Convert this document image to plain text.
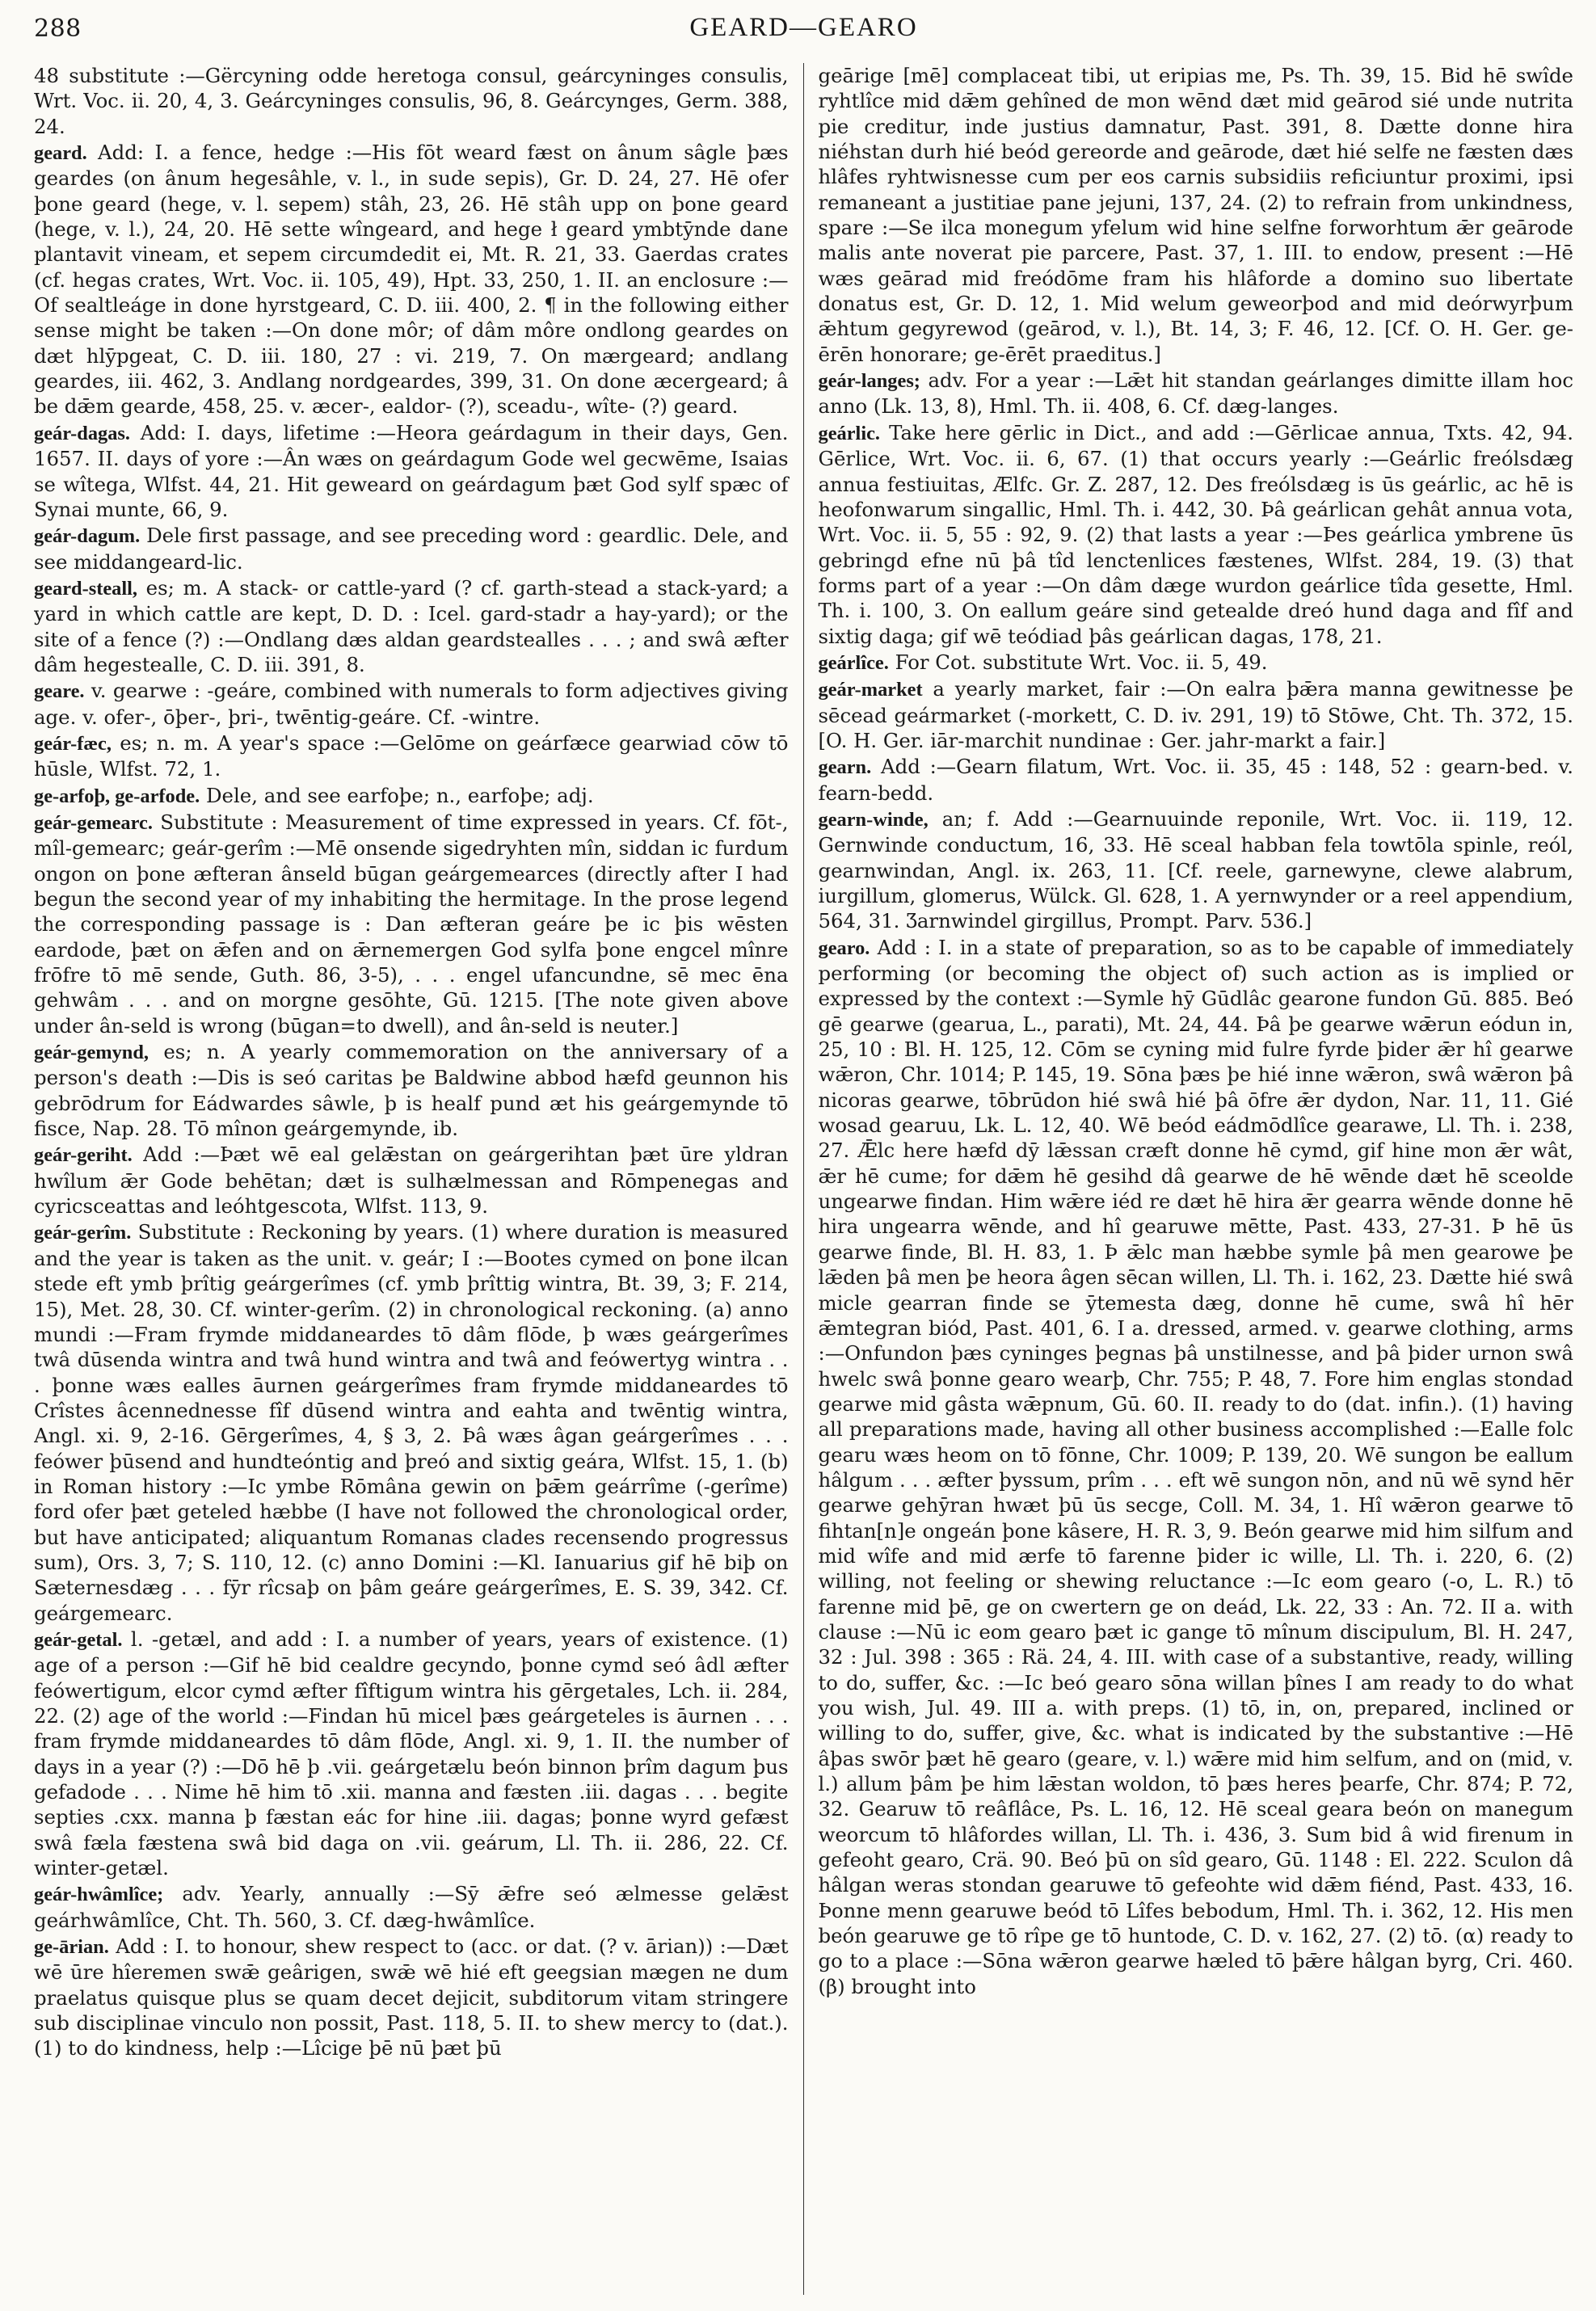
288	GEARD—GEARO

48 substitute :—Gërcyning odde heretoga consul, geárcyninges consulis, Wrt. Voc. ii. 20, 4, 3. Geárcyninges consulis, 96, 8. Geárcynges, Germ. 388, 24.

geard. Add: I. a fence, hedge :—His fōt weard fæst on ânum sâgle þæs geardes (on ânum hegesâhle, v. l., in sude sepis), Gr. D. 24, 27. Hē ofer þone geard (hege, v. l. sepem) stâh, 23, 26. Hē stâh upp on þone geard (hege, v. l.), 24, 20. Hē sette wîngeard, and hege ł geard ymbtȳnde dane plantavit vineam, et sepem circumdedit ei, Mt. R. 21, 33. Gaerdas crates (cf. hegas crates, Wrt. Voc. ii. 105, 49), Hpt. 33, 250, 1. II. an enclosure :—Of sealtleáge in done hyrstgeard, C. D. iii. 400, 2. ¶ in the following either sense might be taken :—On done môr; of dâm môre ondlong geardes on dæt hlȳpgeat, C. D. iii. 180, 27 : vi. 219, 7. On mærgeard; andlang geardes, iii. 462, 3. Andlang nordgeardes, 399, 31. On done æcergeard; â be dǣm gearde, 458, 25. v. æcer-, ealdor- (?), sceadu-, wîte- (?) geard.

geár-dagas. Add: I. days, lifetime :—Heora geárdagum in their days, Gen. 1657. II. days of yore :—Ân wæs on geárdagum Gode wel gecwēme, Isaias se wîtega, Wlfst. 44, 21. Hit geweard on geárdagum þæt God sylf spæc of Synai munte, 66, 9.

geár-dagum. Dele first passage, and see preceding word : geardlic. Dele, and see middangeard-lic.

geard-steall, es; m. A stack- or cattle-yard (? cf. garth-stead a stack-yard; a yard in which cattle are kept, D. D. : Icel. gard-stadr a hay-yard); or the site of a fence (?) :—Ondlang dæs aldan geardstealles . . . ; and swâ æfter dâm hegestealle, C. D. iii. 391, 8.

geare. v. gearwe : -geáre, combined with numerals to form adjectives giving age. v. ofer-, ōþer-, þri-, twēntig-geáre. Cf. -wintre.

geár-fæc, es; n. m. A year's space :—Gelōme on geárfæce gearwiad cōw tō hūsle, Wlfst. 72, 1.

ge-arfoþ, ge-arfode. Dele, and see earfoþe; n., earfoþe; adj.

geár-gemearc. Substitute : Measurement of time expressed in years. Cf. fōt-, mîl-gemearc; geár-gerîm :—Mē onsende sigedryhten mîn, siddan ic furdum ongon on þone æfteran ânseld būgan geárgemearces (directly after I had begun the second year of my inhabiting the hermitage. In the prose legend the corresponding passage is : Dan æfteran geáre þe ic þis wēsten eardode, þæt on ǣfen and on ǣrnemergen God sylfa þone engcel mînre frōfre tō mē sende, Guth. 86, 3-5), . . . engel ufancundne, sē mec ēna gehwâm . . . and on morgne gesōhte, Gū. 1215. [The note given above under ân-seld is wrong (būgan=to dwell), and ân-seld is neuter.]

geár-gemynd, es; n. A yearly commemoration on the anniversary of a person's death :—Dis is seó caritas þe Baldwine abbod hæfd geunnon his gebrōdrum for Eádwardes sâwle, þ is healf pund æt his geárgemynde tō fisce, Nap. 28. Tō mînon geárgemynde, ib.

geár-geriht. Add :—Þæt wē eal gelǣstan on geárgerihtan þæt ūre yldran hwîlum ǣr Gode behētan; dæt is sulhælmessan and Rōmpenegas and cyricsceattas and leóhtgescota, Wlfst. 113, 9.

geár-gerîm. Substitute : Reckoning by years. (1) where duration is measured and the year is taken as the unit. v. geár; I :—Bootes cymed on þone ilcan stede eft ymb þrîtig geárgerîmes (cf. ymb þrîttig wintra, Bt. 39, 3; F. 214, 15), Met. 28, 30. Cf. winter-gerîm. (2) in chronological reckoning. (a) anno mundi :—Fram frymde middaneardes tō dâm flōde, þ wæs geárgerîmes twâ dūsenda wintra and twâ hund wintra and twâ and feówertyg wintra . . . þonne wæs ealles āurnen geárgerîmes fram frymde middaneardes tō Crîstes âcennednesse fîf dūsend wintra and eahta and twēntig wintra, Angl. xi. 9, 2-16. Gērgerîmes, 4, § 3, 2. Þâ wæs âgan geárgerîmes . . . feówer þūsend and hundteóntig and þreó and sixtig geára, Wlfst. 15, 1. (b) in Roman history :—Ic ymbe Rōmâna gewin on þǣm geárrîme (-gerîme) ford ofer þæt geteled hæbbe (I have not followed the chronological order, but have anticipated; aliquantum Romanas clades recensendo progressus sum), Ors. 3, 7; S. 110, 12. (c) anno Domini :—Kl. Ianuarius gif hē biþ on Sæternesdæg . . . fȳr rîcsaþ on þâm geáre geárgerîmes, E. S. 39, 342. Cf. geárgemearc.

geár-getal. l. -getæl, and add : I. a number of years, years of existence. (1) age of a person :—Gif hē bid cealdre gecyndo, þonne cymd seó âdl æfter feówertigum, elcor cymd æfter fîftigum wintra his gērgetales, Lch. ii. 284, 22. (2) age of the world :—Findan hū micel þæs geárgeteles is āurnen . . . fram frymde middaneardes tō dâm flōde, Angl. xi. 9, 1. II. the number of days in a year (?) :—Dō hē þ .vii. geárgetælu beón binnon þrîm dagum þus gefadode . . . Nime hē him tō .xii. manna and fæsten .iii. dagas . . . begite septies .cxx. manna þ fæstan eác for hine .iii. dagas; þonne wyrd gefæst swâ fæla fæstena swâ bid daga on .vii. geárum, Ll. Th. ii. 286, 22. Cf. winter-getæl.

geár-hwâmlîce; adv. Yearly, annually :—Sȳ ǣfre seó ælmesse gelǣst geárhwâmlîce, Cht. Th. 560, 3. Cf. dæg-hwâmlîce.

ge-ārian. Add : I. to honour, shew respect to (acc. or dat. (? v. ārian)) :—Dæt wē ūre hîeremen swǣ geârigen, swǣ wē hié eft geegsian mægen ne dum praelatus quisque plus se quam decet dejicit, subditorum vitam stringere sub disciplinae vinculo non possit, Past. 118, 5. II. to shew mercy to (dat.). (1) to do kindness, help :—Lîcige þē nū þæt þū

geārige [mē] complaceat tibi, ut eripias me, Ps. Th. 39, 15. Bid hē swîde ryhtlîce mid dǣm gehîned de mon wēnd dæt mid geārod sié unde nutrita pie creditur, inde justius damnatur, Past. 391, 8. Dætte donne hira niéhstan durh hié beód gereorde and geārode, dæt hié selfe ne fæsten dæs hlâfes ryhtwisnesse cum per eos carnis subsidiis reficiuntur proximi, ipsi remaneant a justitiae pane jejuni, 137, 24. (2) to refrain from unkindness, spare :—Se ilca monegum yfelum wid hine selfne forworhtum ǣr geārode malis ante noverat pie parcere, Past. 37, 1. III. to endow, present :—Hē wæs geārad mid freódōme fram his hlâforde a domino suo libertate donatus est, Gr. D. 12, 1. Mid welum geweorþod and mid deórwyrþum ǣhtum gegyrewod (geārod, v. l.), Bt. 14, 3; F. 46, 12. [Cf. O. H. Ger. ge-ērēn honorare; ge-ērēt praeditus.]

geár-langes; adv. For a year :—Lǣt hit standan geárlanges dimitte illam hoc anno (Lk. 13, 8), Hml. Th. ii. 408, 6. Cf. dæg-langes.

geárlic. Take here gērlic in Dict., and add :—Gērlicae annua, Txts. 42, 94. Gērlice, Wrt. Voc. ii. 6, 67. (1) that occurs yearly :—Geárlic freólsdæg annua festiuitas, Ælfc. Gr. Z. 287, 12. Des freólsdæg is ūs geárlic, ac hē is heofonwarum singallic, Hml. Th. i. 442, 30. Þâ geárlican gehât annua vota, Wrt. Voc. ii. 5, 55 : 92, 9. (2) that lasts a year :—Þes geárlica ymbrene ūs gebringd efne nū þâ tîd lenctenlices fæstenes, Wlfst. 284, 19. (3) that forms part of a year :—On dâm dæge wurdon geárlice tîda gesette, Hml. Th. i. 100, 3. On eallum geáre sind getealde dreó hund daga and fîf and sixtig daga; gif wē teódiad þâs geárlican dagas, 178, 21.

geárlîce. For Cot. substitute Wrt. Voc. ii. 5, 49.

geár-market a yearly market, fair :—On ealra þǣra manna gewitnesse þe sēcead geármarket (-morkett, C. D. iv. 291, 19) tō Stōwe, Cht. Th. 372, 15. [O. H. Ger. iār-marchit nundinae : Ger. jahr-markt a fair.]

gearn. Add :—Gearn filatum, Wrt. Voc. ii. 35, 45 : 148, 52 : gearn-bed. v. fearn-bedd.

gearn-winde, an; f. Add :—Gearnuuinde reponile, Wrt. Voc. ii. 119, 12. Gernwinde conductum, 16, 33. Hē sceal habban fela towtōla spinle, reól, gearnwindan, Angl. ix. 263, 11. [Cf. reele, garnewyne, clewe alabrum, iurgillum, glomerus, Wülck. Gl. 628, 1. A yernwynder or a reel appendium, 564, 31. Ʒarnwindel girgillus, Prompt. Parv. 536.]

gearo. Add : I. in a state of preparation, so as to be capable of immediately performing (or becoming the object of) such action as is implied or expressed by the context :—Symle hȳ Gūdlâc gearone fundon Gū. 885. Beó gē gearwe (gearua, L., parati), Mt. 24, 44. Þâ þe gearwe wǣrun eódun in, 25, 10 : Bl. H. 125, 12. Cōm se cyning mid fulre fyrde þider ǣr hî gearwe wǣron, Chr. 1014; P. 145, 19. Sōna þæs þe hié inne wǣron, swâ wǣron þâ nicoras gearwe, tōbrūdon hié swâ hié þâ ōfre ǣr dydon, Nar. 11, 11. Gié wosad gearuu, Lk. L. 12, 40. Wē beód eádmōdlîce gearawe, Ll. Th. i. 238, 27. Ǣlc here hæfd dȳ lǣssan cræft donne hē cymd, gif hine mon ǣr wât, ǣr hē cume; for dǣm hē gesihd dâ gearwe de hē wēnde dæt hē sceolde ungearwe findan. Him wǣre iéd re dæt hē hira ǣr gearra wēnde donne hē hira ungearra wēnde, and hî gearuwe mētte, Past. 433, 27-31. Þ hē ūs gearwe finde, Bl. H. 83, 1. Þ ǣlc man hæbbe symle þâ men gearowe þe lǣden þâ men þe heora âgen sēcan willen, Ll. Th. i. 162, 23. Dætte hié swâ micle gearran finde se ȳtemesta dæg, donne hē cume, swâ hî hēr ǣmtegran biód, Past. 401, 6. I a. dressed, armed. v. gearwe clothing, arms :—Onfundon þæs cyninges þegnas þâ unstilnesse, and þâ þider urnon swâ hwelc swâ þonne gearo wearþ, Chr. 755; P. 48, 7. Fore him englas stondad gearwe mid gâsta wǣpnum, Gū. 60. II. ready to do (dat. infin.). (1) having all preparations made, having all other business accomplished :—Ealle folc gearu wæs heom on tō fōnne, Chr. 1009; P. 139, 20. Wē sungon be eallum hâlgum . . . æfter þyssum, prîm . . . eft wē sungon nōn, and nū wē synd hēr gearwe gehȳran hwæt þū ūs secge, Coll. M. 34, 1. Hî wǣron gearwe tō fihtan[n]e ongeán þone kâsere, H. R. 3, 9. Beón gearwe mid him silfum and mid wîfe and mid ærfe tō farenne þider ic wille, Ll. Th. i. 220, 6. (2) willing, not feeling or shewing reluctance :—Ic eom gearo (-o, L. R.) tō farenne mid þē, ge on cwertern ge on deád, Lk. 22, 33 : An. 72. II a. with clause :—Nū ic eom gearo þæt ic gange tō mînum discipulum, Bl. H. 247, 32 : Jul. 398 : 365 : Rä. 24, 4. III. with case of a substantive, ready, willing to do, suffer, &c. :—Ic beó gearo sōna willan þînes I am ready to do what you wish, Jul. 49. III a. with preps. (1) tō, in, on, prepared, inclined or willing to do, suffer, give, &c. what is indicated by the substantive :—Hē âþas swōr þæt hē gearo (geare, v. l.) wǣre mid him selfum, and on (mid, v. l.) allum þâm þe him lǣstan woldon, tō þæs heres þearfe, Chr. 874; P. 72, 32. Gearuw tō reâflâce, Ps. L. 16, 12. Hē sceal geara beón on manegum weorcum tō hlâfordes willan, Ll. Th. i. 436, 3. Sum bid â wid firenum in gefeoht gearo, Crä. 90. Beó þū on sîd gearo, Gū. 1148 : El. 222. Sculon dâ hâlgan weras stondan gearuwe tō gefeohte wid dǣm fiénd, Past. 433, 16. Þonne menn gearuwe beód tō Lîfes bebodum, Hml. Th. i. 362, 12. His men beón gearuwe ge tō rîpe ge tō huntode, C. D. v. 162, 27. (2) tō. (α) ready to go to a place :—Sōna wǣron gearwe hæled tō þǣre hâlgan byrg, Cri. 460. (β) brought into
